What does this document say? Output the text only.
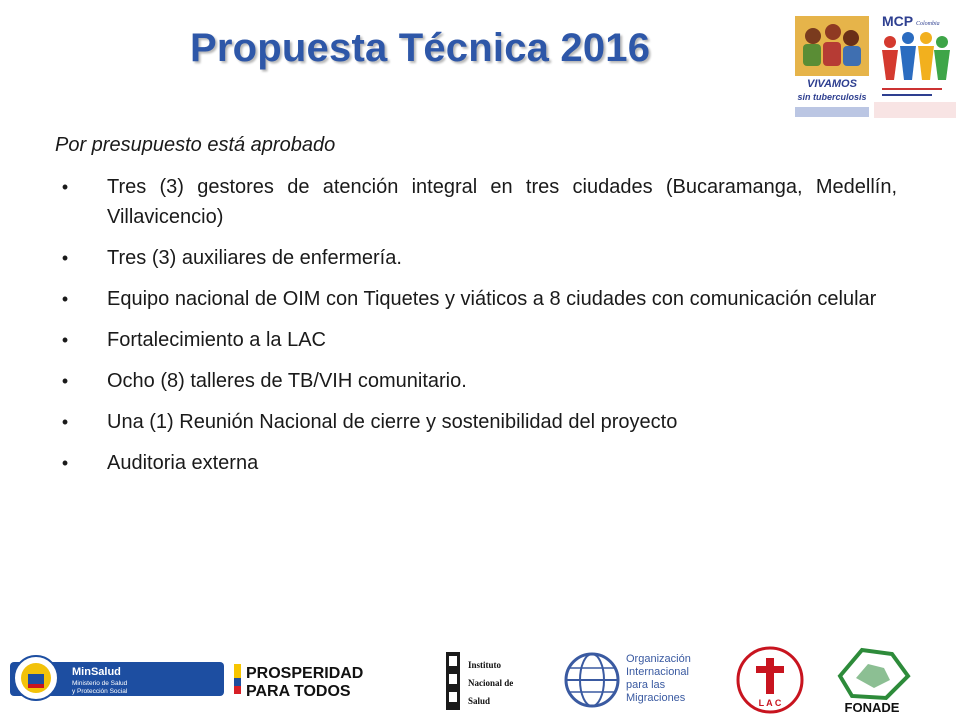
Propuesta Técnica 2016
VIVAMOS
sin tuberculosis
MCP Colombia
Por presupuesto está aprobado
•	Tres (3) gestores de atención integral en tres ciudades (Bucaramanga, Medellín, Villavicencio)
•	Tres (3) auxiliares de enfermería.
•	Equipo nacional de OIM con Tiquetes y viáticos a 8 ciudades con comunicación celular
•	Fortalecimiento a la LAC
•	Ocho (8) talleres de TB/VIH comunitario.
•	Una (1) Reunión Nacional de cierre y sostenibilidad del proyecto
•	Auditoria externa
MinSalud
Ministerio de Salud
y Protección Social
PROSPERIDAD
PARA TODOS
Instituto
Nacional de
Salud
Organización
Internacional
para las
Migraciones	L A C	FONADE
